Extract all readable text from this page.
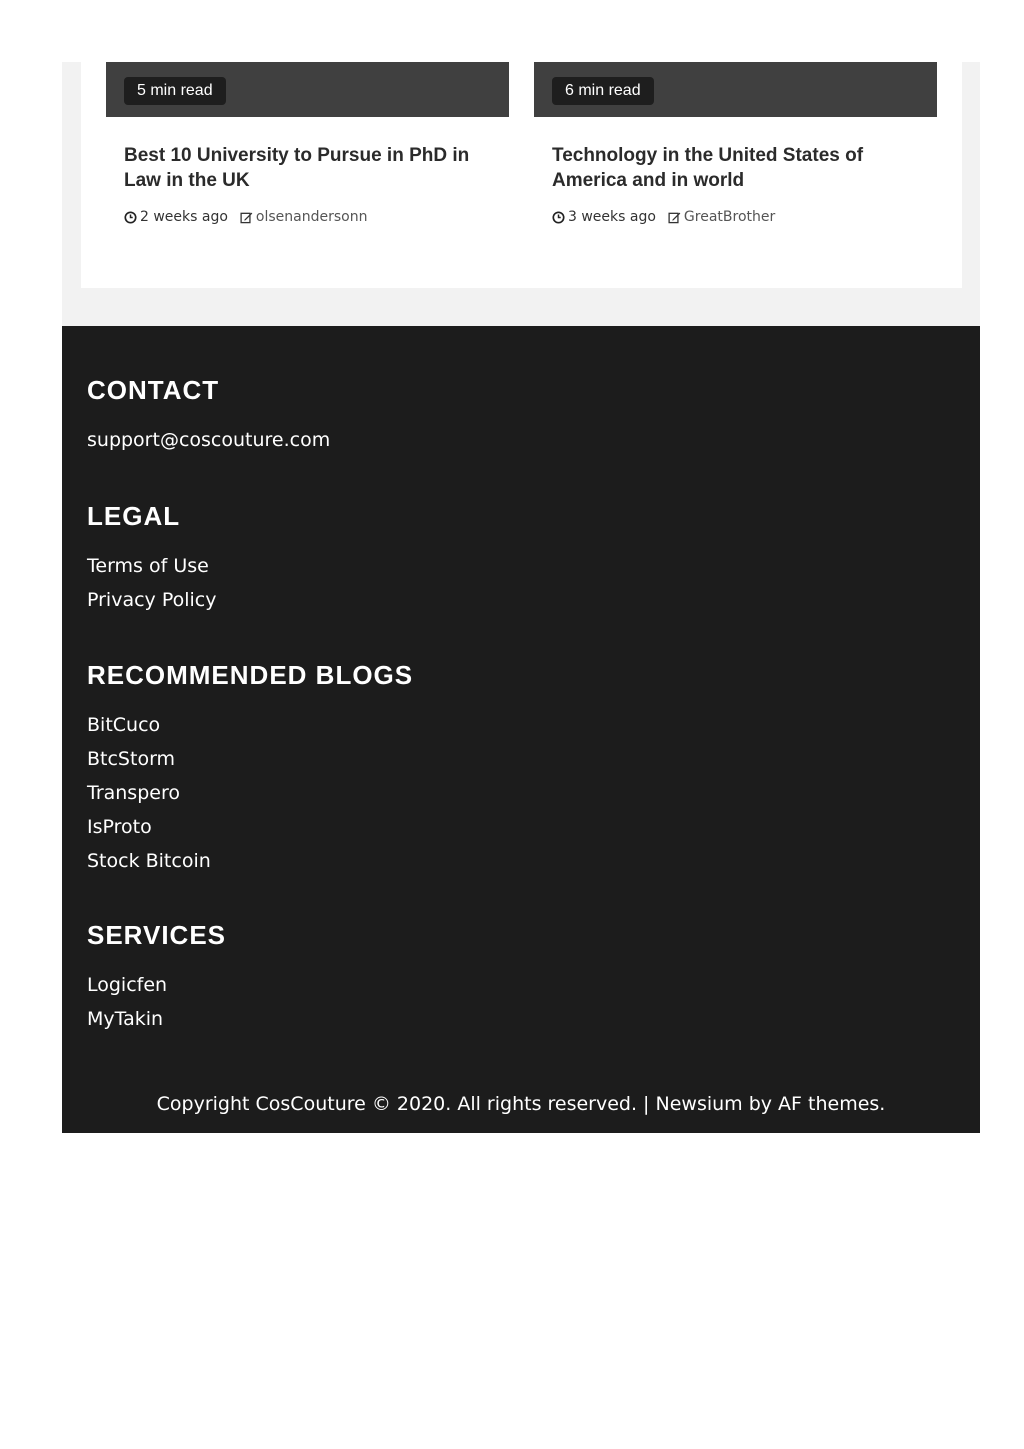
5 min read
Best 10 University to Pursue in PhD in Law in the UK
2 weeks ago olsenandersonn
6 min read
Technology in the United States of America and in world
3 weeks ago GreatBrother
CONTACT
support@coscouture.com
LEGAL
Terms of Use
Privacy Policy
RECOMMENDED BLOGS
BitCuco
BtcStorm
Transpero
IsProto
Stock Bitcoin
SERVICES
Logicfen
MyTakin
Copyright CosCouture © 2020. All rights reserved. | Newsium by AF themes.
